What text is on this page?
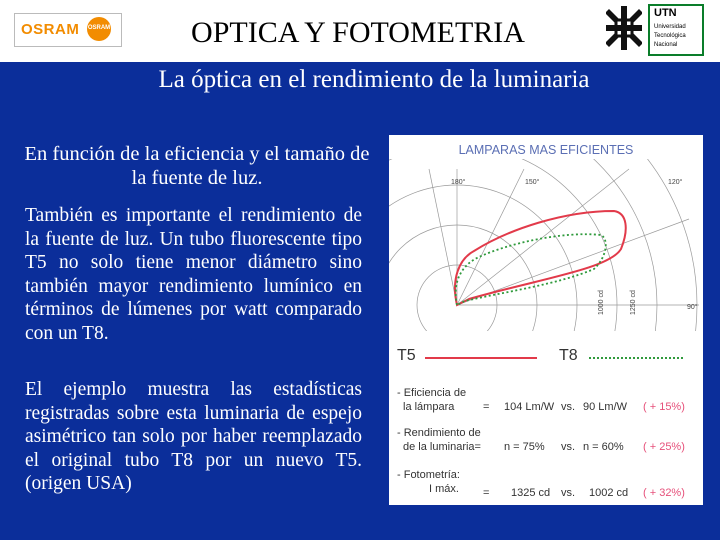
OSRAM OSRAM	OPTICA Y FOTOMETRIA
UTN
Universidad
Tecnológica
Nacional
La óptica en el rendimiento de la luminaria
En función de la eficiencia y el tamaño de la fuente de luz.
También es importante el rendimiento de la fuente de luz. Un tubo fluorescente tipo T5 no solo tiene menor diámetro sino también mayor rendimiento lumínico en términos de lúmenes por watt comparado con un T8.
El ejemplo muestra las estadísticas registradas sobre esta luminaria de espejo asimétrico tan solo por haber reemplazado el original tubo T8 por un nuevo T5. (origen USA)
LAMPARAS MAS EFICIENTES
180°	150°	120°
90°
1000 cd	1250 cd
T5	T8
- Eficiencia de
la lámpara	= 104 Lm/W vs. 90 Lm/W ( + 15%)
- Rendimiento de
de la luminaria= n = 75% vs. n = 60% ( + 25%)
- Fotometría:
I máx. = 1325 cd vs. 1002 cd ( + 32%)
